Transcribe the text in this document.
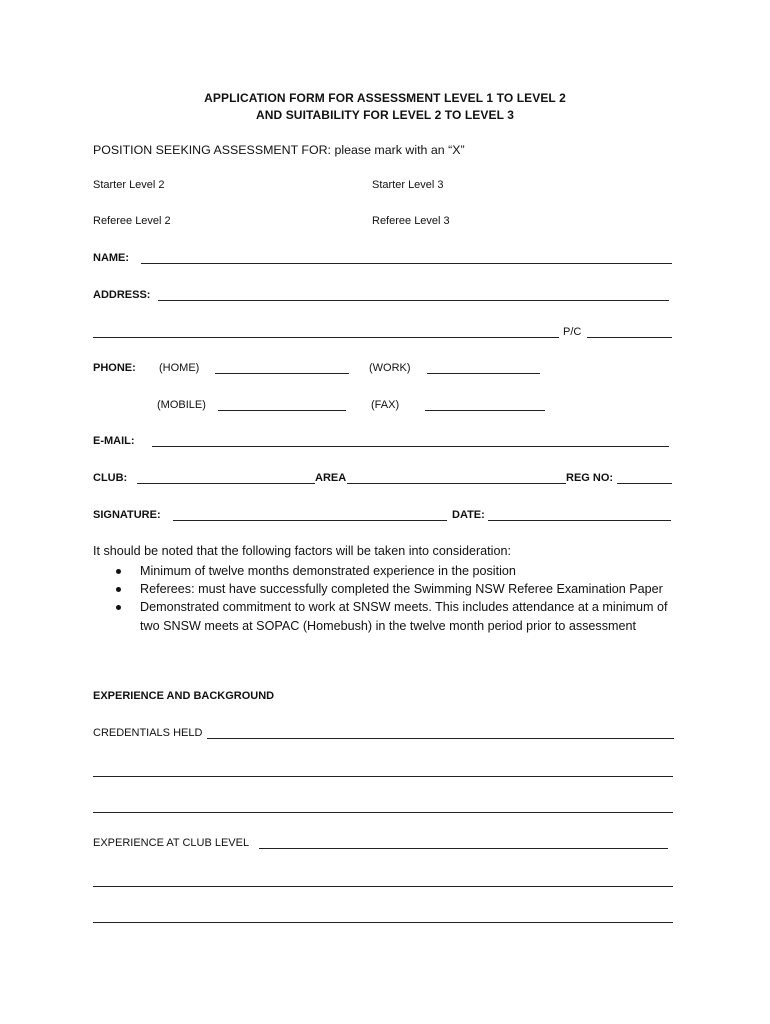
APPLICATION FORM FOR ASSESSMENT LEVEL 1 TO LEVEL 2
AND SUITABILITY FOR LEVEL 2 TO LEVEL 3
POSITION SEEKING ASSESSMENT FOR: please mark with an “X”
Starter Level 2	Starter Level 3
Referee Level 2	Referee Level 3
NAME:
ADDRESS:
P/C
PHONE: (HOME)	(WORK)
(MOBILE)	(FAX)
E-MAIL:
CLUB:	AREA	REG NO:
SIGNATURE:	DATE:
It should be noted that the following factors will be taken into consideration:
Minimum of twelve months demonstrated experience in the position
Referees: must have successfully completed the Swimming NSW Referee Examination Paper
Demonstrated commitment to work at SNSW meets. This includes attendance at a minimum of two SNSW meets at SOPAC (Homebush) in the twelve month period prior to assessment
EXPERIENCE AND BACKGROUND
CREDENTIALS HELD
EXPERIENCE AT CLUB LEVEL
